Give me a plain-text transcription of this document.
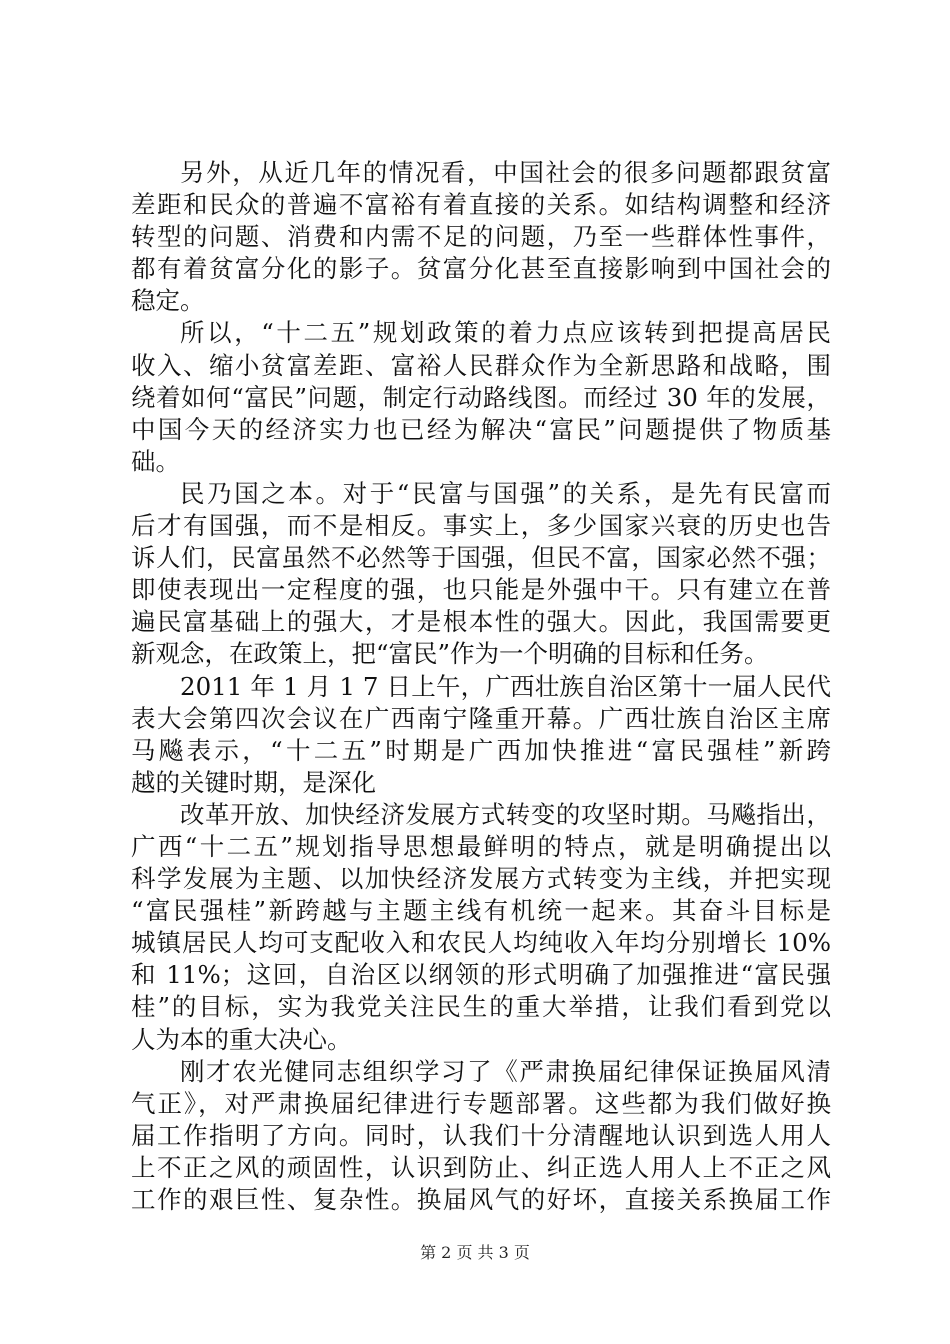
另外，从近几年的情况看，中国社会的很多问题都跟贫富
差距和民众的普遍不富裕有着直接的关系。如结构调整和经济
转型的问题、消费和内需不足的问题，乃至一些群体性事件，
都有着贫富分化的影子。贫富分化甚至直接影响到中国社会的
稳定。
所以，“十二五”规划政策的着力点应该转到把提高居民
收入、缩小贫富差距、富裕人民群众作为全新思路和战略，围
绕着如何“富民”问题，制定行动路线图。而经过 30 年的发展，
中国今天的经济实力也已经为解决“富民”问题提供了物质基
础。
民乃国之本。对于“民富与国强”的关系，是先有民富而
后才有国强，而不是相反。事实上，多少国家兴衰的历史也告
诉人们，民富虽然不必然等于国强，但民不富，国家必然不强；
即使表现出一定程度的强，也只能是外强中干。只有建立在普
遍民富基础上的强大，才是根本性的强大。因此，我国需要更
新观念，在政策上，把“富民”作为一个明确的目标和任务。
2011 年 1 月 1 7 日上午，广西壮族自治区第十一届人民代
表大会第四次会议在广西南宁隆重开幕。广西壮族自治区主席
马飚表示，“十二五”时期是广西加快推进“富民强桂”新跨
越的关键时期，是深化
改革开放、加快经济发展方式转变的攻坚时期。马飚指出，
广西“十二五”规划指导思想最鲜明的特点，就是明确提出以
科学发展为主题、以加快经济发展方式转变为主线，并把实现
“富民强桂”新跨越与主题主线有机统一起来。其奋斗目标是
城镇居民人均可支配收入和农民人均纯收入年均分别增长 10%
和 11%；这回，自治区以纲领的形式明确了加强推进“富民强
桂”的目标，实为我党关注民生的重大举措，让我们看到党以
人为本的重大决心。
刚才农光健同志组织学习了《严肃换届纪律保证换届风清
气正》，对严肃换届纪律进行专题部署。这些都为我们做好换
届工作指明了方向。同时，认我们十分清醒地认识到选人用人
上不正之风的顽固性，认识到防止、纠正选人用人上不正之风
工作的艰巨性、复杂性。换届风气的好坏，直接关系换届工作
第 2 页 共 3 页
